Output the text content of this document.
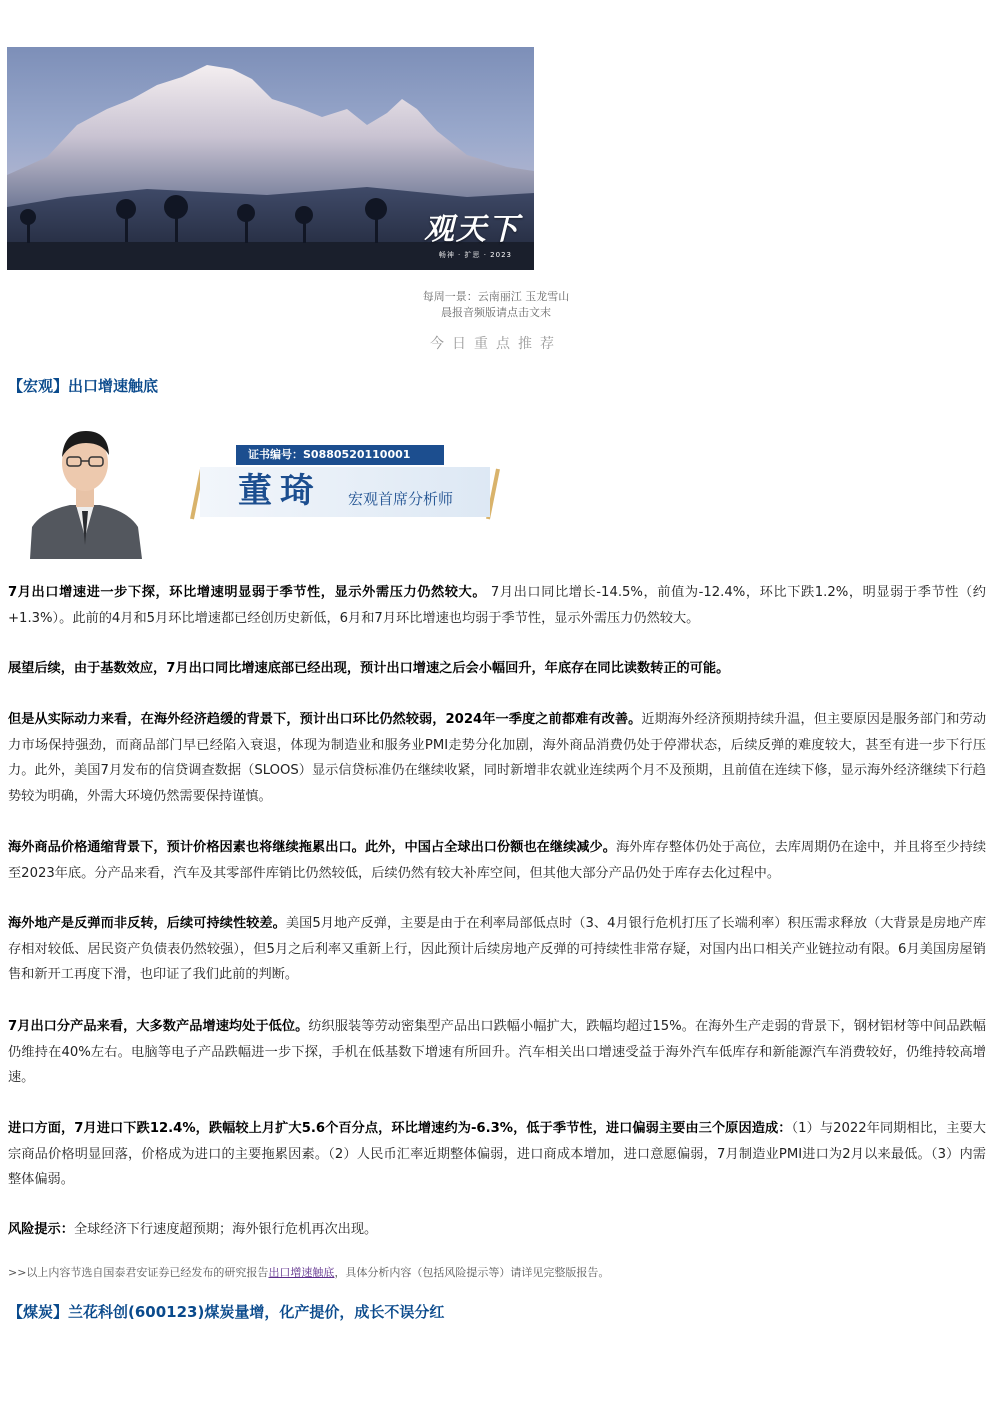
观天下
畅神 · 扩思 · 2023
每周一景：云南丽江 玉龙雪山
晨报音频版请点击文末
今日重点推荐
【宏观】出口增速触底
证书编号：S0880520110001
董琦 宏观首席分析师
7月出口增速进一步下探，环比增速明显弱于季节性，显示外需压力仍然较大。 7月出口同比增长-14.5%，前值为-12.4%，环比下跌1.2%，明显弱于季节性（约+1.3%）。此前的4月和5月环比增速都已经创历史新低，6月和7月环比增速也均弱于季节性，显示外需压力仍然较大。
展望后续，由于基数效应，7月出口同比增速底部已经出现，预计出口增速之后会小幅回升，年底存在同比读数转正的可能。
但是从实际动力来看，在海外经济趋缓的背景下，预计出口环比仍然较弱，2024年一季度之前都难有改善。近期海外经济预期持续升温，但主要原因是服务部门和劳动力市场保持强劲，而商品部门早已经陷入衰退，体现为制造业和服务业PMI走势分化加剧，海外商品消费仍处于停滞状态，后续反弹的难度较大，甚至有进一步下行压力。此外，美国7月发布的信贷调查数据（SLOOS）显示信贷标准仍在继续收紧，同时新增非农就业连续两个月不及预期，且前值在连续下修，显示海外经济继续下行趋势较为明确，外需大环境仍然需要保持谨慎。
海外商品价格通缩背景下，预计价格因素也将继续拖累出口。此外，中国占全球出口份额也在继续减少。海外库存整体仍处于高位，去库周期仍在途中，并且将至少持续至2023年底。分产品来看，汽车及其零部件库销比仍然较低，后续仍然有较大补库空间，但其他大部分产品仍处于库存去化过程中。
海外地产是反弹而非反转，后续可持续性较差。美国5月地产反弹，主要是由于在利率局部低点时（3、4月银行危机打压了长端利率）积压需求释放（大背景是房地产库存相对较低、居民资产负债表仍然较强），但5月之后利率又重新上行，因此预计后续房地产反弹的可持续性非常存疑，对国内出口相关产业链拉动有限。6月美国房屋销售和新开工再度下滑，也印证了我们此前的判断。
7月出口分产品来看，大多数产品增速均处于低位。纺织服装等劳动密集型产品出口跌幅小幅扩大，跌幅均超过15%。在海外生产走弱的背景下，钢材铝材等中间品跌幅仍维持在40%左右。电脑等电子产品跌幅进一步下探，手机在低基数下增速有所回升。汽车相关出口增速受益于海外汽车低库存和新能源汽车消费较好，仍维持较高增速。
进口方面，7月进口下跌12.4%，跌幅较上月扩大5.6个百分点，环比增速约为-6.3%，低于季节性，进口偏弱主要由三个原因造成：（1）与2022年同期相比，主要大宗商品价格明显回落，价格成为进口的主要拖累因素。（2）人民币汇率近期整体偏弱，进口商成本增加，进口意愿偏弱，7月制造业PMI进口为2月以来最低。（3）内需整体偏弱。
风险提示：全球经济下行速度超预期；海外银行危机再次出现。
>>以上内容节选自国泰君安证券已经发布的研究报告出口增速触底，具体分析内容（包括风险提示等）请详见完整版报告。
【煤炭】兰花科创(600123)煤炭量增，化产提价，成长不误分红
